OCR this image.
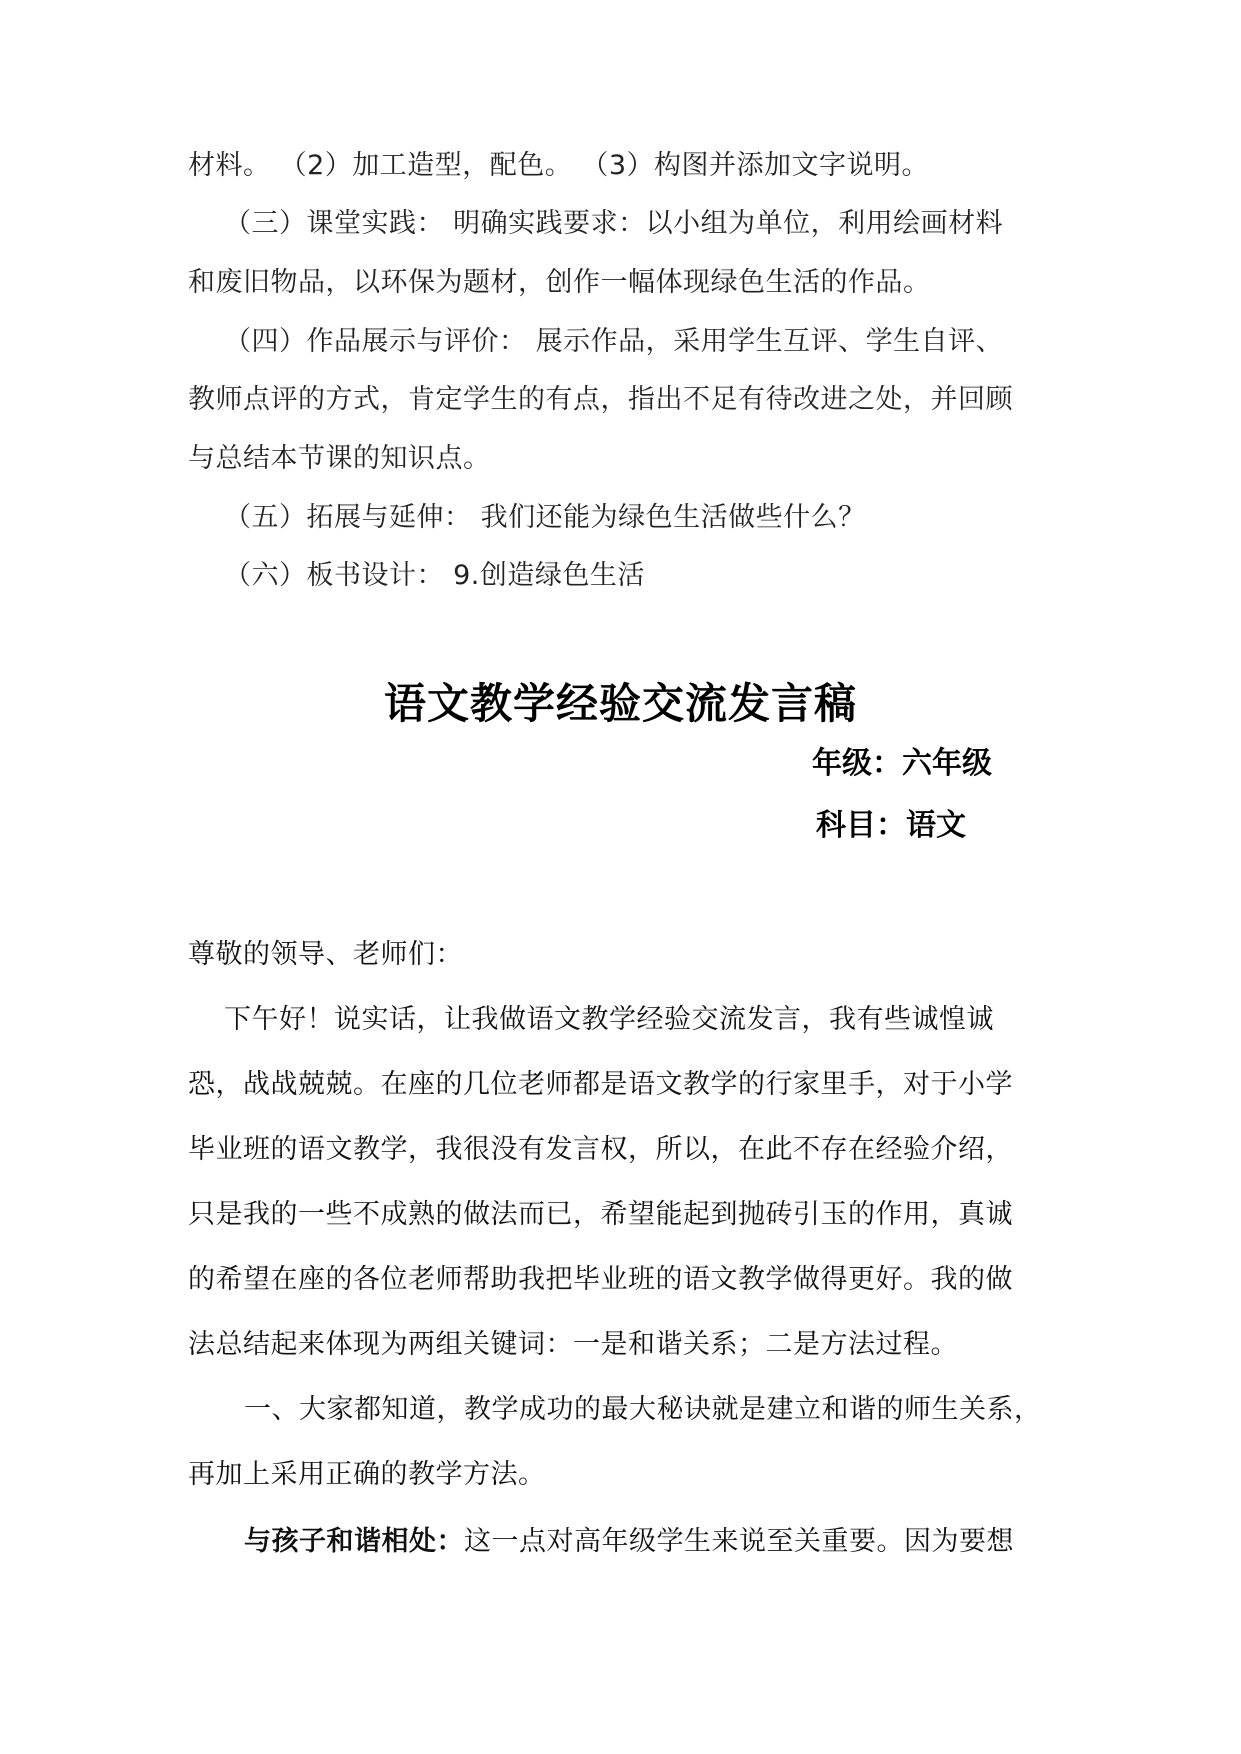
材料。 （2）加工造型，配色。 （3）构图并添加文字说明。
（三）课堂实践： 明确实践要求：以小组为单位，利用绘画材料
和废旧物品，以环保为题材，创作一幅体现绿色生活的作品。
（四）作品展示与评价： 展示作品，采用学生互评、学生自评、
教师点评的方式，肯定学生的有点，指出不足有待改进之处，并回顾
与总结本节课的知识点。
（五）拓展与延伸： 我们还能为绿色生活做些什么？
（六）板书设计： 9.创造绿色生活
语文教学经验交流发言稿
年级：六年级
科目：语文
尊敬的领导、老师们：
下午好！说实话，让我做语文教学经验交流发言，我有些诚惶诚
恐，战战兢兢。在座的几位老师都是语文教学的行家里手，对于小学
毕业班的语文教学，我很没有发言权，所以，在此不存在经验介绍，
只是我的一些不成熟的做法而已，希望能起到抛砖引玉的作用，真诚
的希望在座的各位老师帮助我把毕业班的语文教学做得更好。我的做
法总结起来体现为两组关键词：一是和谐关系；二是方法过程。
一、大家都知道，教学成功的最大秘诀就是建立和谐的师生关系，
再加上采用正确的教学方法。
与孩子和谐相处：这一点对高年级学生来说至关重要。因为要想
